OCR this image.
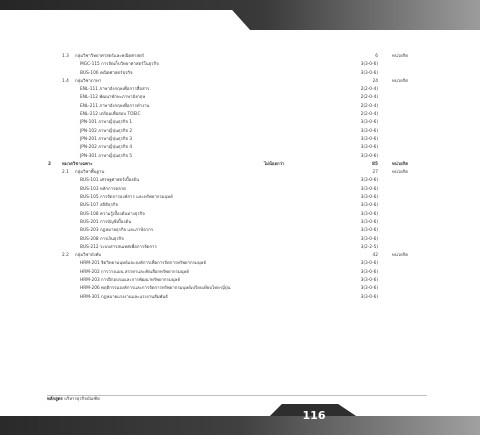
1.3 กลุ่มวิชาวิทยาศาสตร์และคณิตศาสตร์	6	หน่วยกิต
MGC-115 การจัดเก็บวิทยาศาสตร์ในธุรกิจ	3(3-0-6)
BUS-106 คณิตศาสตร์ธุรกิจ	3(3-0-6)
1.4 กลุ่มวิชาภาษา	24	หน่วยกิต
ENL-111 ภาษาอังกฤษเพื่อการสื่อสาร	2(2-0-4)
ENL-112 พัฒนาทักษะภาษาอังกฤษ	2(2-0-4)
ENL-211 ภาษาอังกฤษเพื่อการทำงาน	2(2-0-4)
ENL-212 เตรียมเพื่อสอบ TOEIC	2(2-0-4)
JPN-101 ภาษาญี่ปุ่นธุรกิจ 1	3(3-0-6)
JPN-102 ภาษาญี่ปุ่นธุรกิจ 2	3(3-0-6)
JPN-201 ภาษาญี่ปุ่นธุรกิจ 3	3(3-0-6)
JPN-202 ภาษาญี่ปุ่นธุรกิจ 4	3(3-0-6)
JPN-301 ภาษาญี่ปุ่นธุรกิจ 5	3(3-0-6)
2	หมวดวิชาเฉพาะ	ไม่น้อยกว่า	85	หน่วยกิต
2.1 กลุ่มวิชาพื้นฐาน	27	หน่วยกิต
BUS-101 เศรษฐศาสตร์เบื้องต้น	3(3-0-6)
BUS-103 หลักการตลาด	3(3-0-6)
BUS-105 การจัดการองค์การ และทรัพยากรมนุษย์	3(3-0-6)
BUS-107 สถิติธุรกิจ	3(3-0-6)
BUS-108 ความรู้เบื้องต้นทางธุรกิจ	3(3-0-6)
BUS-201 การบัญชีเบื้องต้น	3(3-0-6)
BUS-203 กฎหมายธุรกิจ และภาษีอากร	3(3-0-6)
BUS-208 การเงินธุรกิจ	3(3-0-6)
BUS-212 ระบบสารสนเทศเพื่อการจัดการ	3(2-2-5)
2.2 กลุ่มวิชาบังคับ	42	หน่วยกิต
HRM-201 จิตวิทยามนุษย์และองค์การเพื่อการจัดการทรัพยากรมนุษย์	3(3-0-6)
HRM-202 การวางแผน สรรหาและคัดเลือกทรัพยากรมนุษย์	3(3-0-6)
HRM-203 การฝึกอบรมและการพัฒนาทรัพยากรมนุษย์	3(3-0-6)
HRM-206 พฤติกรรมองค์การและการจัดการทรัพยากรมนุษย์เปรียบเทียบไทย-ญี่ปุ่น	3(3-0-6)
HRM-301 กฎหมายแรงงานและแรงงานสัมพันธ์	3(3-0-6)
หลักสูตร บริหารธุรกิจบัณฑิต
116
